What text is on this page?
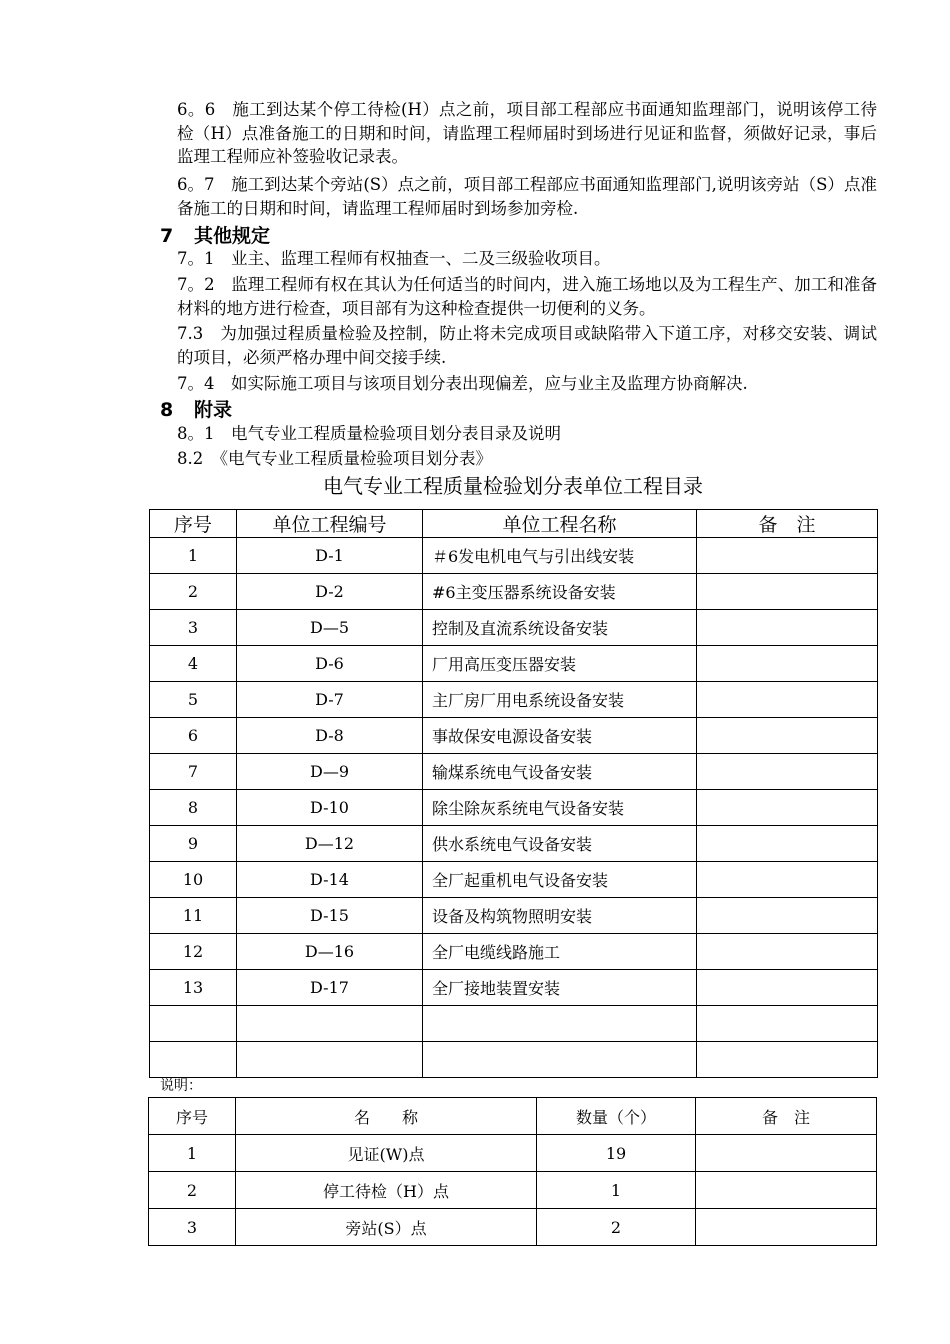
6。6　施工到达某个停工待检(H）点之前，项目部工程部应书面通知监理部门，说明该停工待检（H）点准备施工的日期和时间，请监理工程师届时到场进行见证和监督，须做好记录，事后监理工程师应补签验收记录表。

6。7　施工到达某个旁站(S）点之前，项目部工程部应书面通知监理部门,说明该旁站（S）点准备施工的日期和时间，请监理工程师届时到场参加旁检.

7 其他规定

7。1　业主、监理工程师有权抽查一、二及三级验收项目。

7。2　监理工程师有权在其认为任何适当的时间内，进入施工场地以及为工程生产、加工和准备材料的地方进行检查，项目部有为这种检查提供一切便利的义务。

7.3　为加强过程质量检验及控制，防止将未完成项目或缺陷带入下道工序，对移交安装、调试的项目，必须严格办理中间交接手续.

7。4　如实际施工项目与该项目划分表出现偏差，应与业主及监理方协商解决.

8 附录

8。1　电气专业工程质量检验项目划分表目录及说明

8.2　《电气专业工程质量检验项目划分表》

电气专业工程质量检验划分表单位工程目录

序号	单位工程编号	单位工程名称	备　注
1	D-1	＃6发电机电气与引出线安装	
2	D-2	#6主变压器系统设备安装	
3	D—5	控制及直流系统设备安装	
4	D-6	厂用高压变压器安装	
5	D-7	主厂房厂用电系统设备安装	
6	D-8	事故保安电源设备安装	
7	D—9	输煤系统电气设备安装	
8	D-10	除尘除灰系统电气设备安装	
9	D—12	供水系统电气设备安装	
10	D-14	全厂起重机电气设备安装	
11	D-15	设备及构筑物照明安装	
12	D—16	全厂电缆线路施工	
13	D-17	全厂接地装置安装	

说明：

序号	名　　称	数量（个）	备　注
1	见证(W)点	19	
2	停工待检（H）点	1	
3	旁站(S）点	2	
